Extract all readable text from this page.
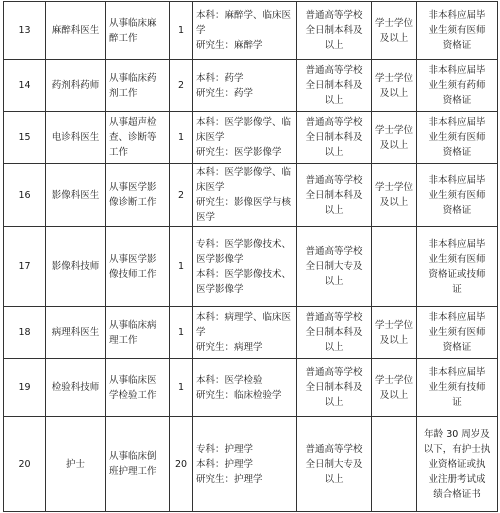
13	麻醉科医生	从事临床麻
醉工作	1	本科：麻醉学、临床医
学
研究生：麻醉学	普通高等学校
全日制本科及
以上	学士学位
及以上	非本科应届毕
业生须有医师
资格证

14	药剂科药师	从事临床药
剂工作	2	本科：药学
研究生：药学	普通高等学校
全日制本科及
以上	学士学位
及以上	非本科应届毕
业生须有药师
资格证

15	电诊科医生	从事超声检
查、诊断等
工作	1	本科：医学影像学、临
床医学
研究生：医学影像学	普通高等学校
全日制本科及
以上	学士学位
及以上	非本科应届毕
业生须有医师
资格证

16	影像科医生	从事医学影
像诊断工作	2	本科：医学影像学、临
床医学
研究生：影像医学与核
医学	普通高等学校
全日制本科及
以上	学士学位
及以上	非本科应届毕
业生须有医师
资格证

17	影像科技师	从事医学影
像技师工作	1	专科：医学影像技术、
医学影像学
本科：医学影像技术、
医学影像学	普通高等学校
全日制大专及
以上		非本科应届毕
业生须有医师
资格证或技师
证

18	病理科医生	从事临床病
理工作	1	本科：病理学、临床医
学
研究生：病理学	普通高等学校
全日制本科及
以上	学士学位
及以上	非本科应届毕
业生须有医师
资格证

19	检验科技师	从事临床医
学检验工作	1	本科：医学检验
研究生：临床检验学	普通高等学校
全日制本科及
以上	学士学位
及以上	非本科应届毕
业生须有技师
证

20	护士	从事临床倒
班护理工作	20	专科：护理学
本科：护理学
研究生：护理学	普通高等学校
全日制大专及
以上		年龄 30 周岁及
以下，有护士执
业资格证或执
业注册考试成
绩合格证书
